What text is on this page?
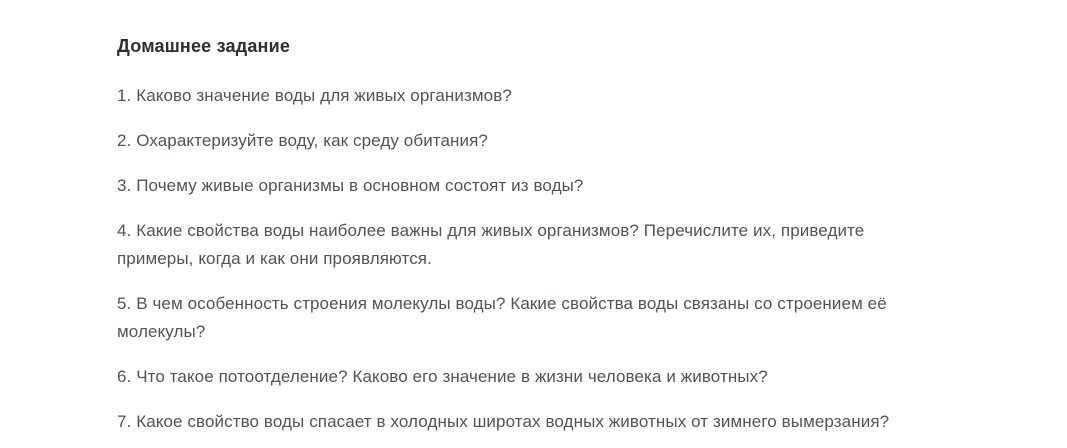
Домашнее задание

1. Каково значение воды для живых организмов?

2. Охарактеризуйте воду, как среду обитания?

3. Почему живые организмы в основном состоят из воды?

4. Какие свойства воды наиболее важны для живых организмов? Перечислите их, приведите примеры, когда и как они проявляются.

5. В чем особенность строения молекулы воды? Какие свойства воды связаны со строением её молекулы?

6. Что такое потоотделение? Каково его значение в жизни человека и животных?

7. Какое свойство воды спасает в холодных широтах водных животных от зимнего вымерзания?
